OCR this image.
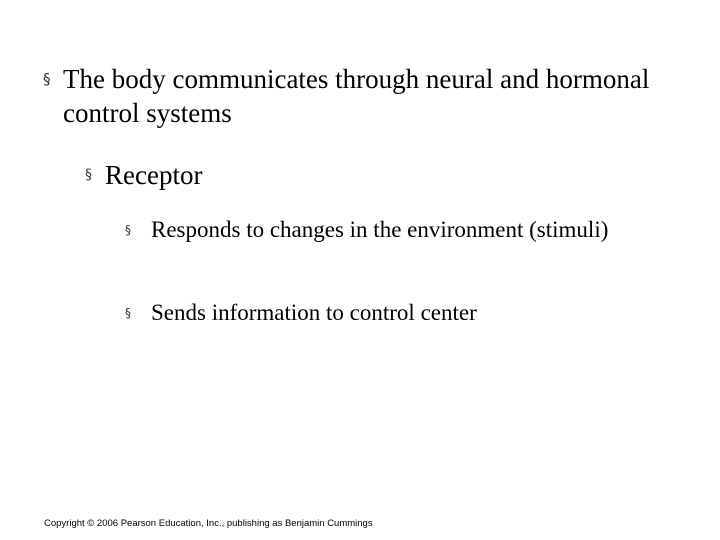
§ The body communicates through neural and hormonal control systems
§ Receptor
§ Responds to changes in the environment (stimuli)
§ Sends information to control center
Copyright © 2006 Pearson Education, Inc., publishing as Benjamin Cummings
